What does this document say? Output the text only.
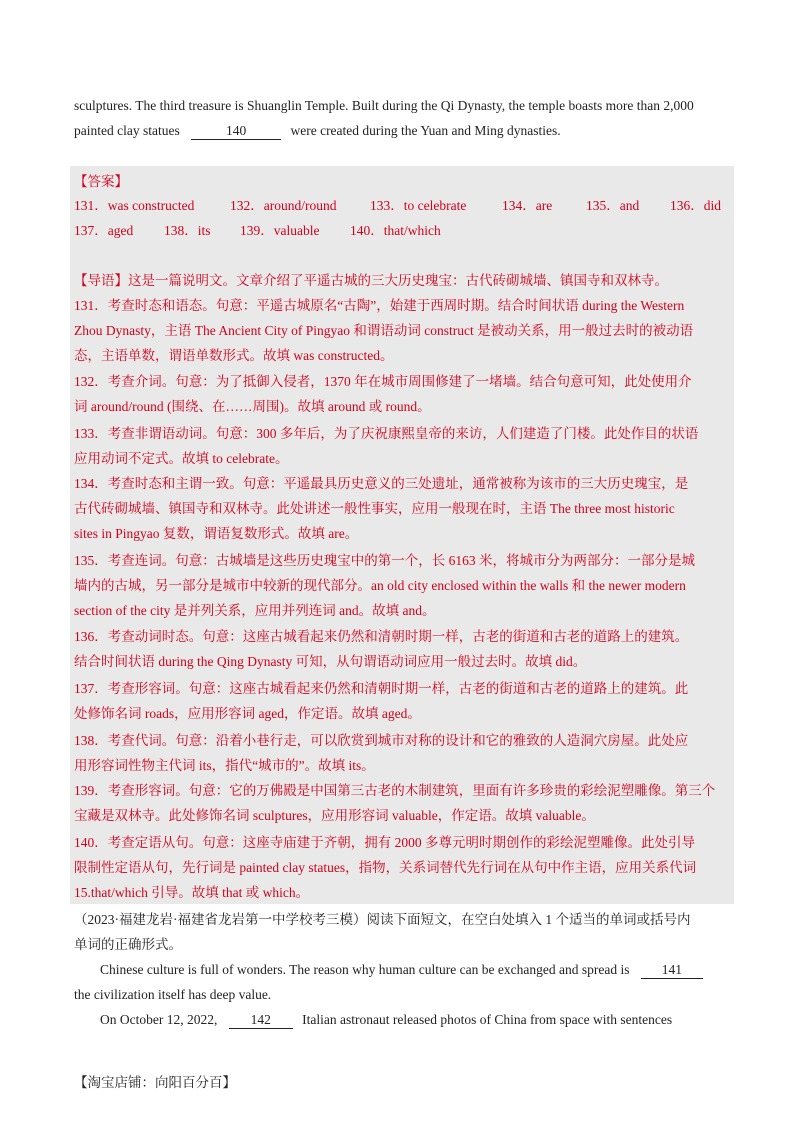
sculptures. The third treasure is Shuanglin Temple. Built during the Qi Dynasty, the temple boasts more than 2,000
painted clay statues	140	were created during the Yuan and Ming dynasties.
【答案】
131．was constructed	132．around/round 133．to celebrate	134．are	135．and 136．did
137．aged 138．its 139．valuable 140．that/which
【导语】这是一篇说明文。文章介绍了平遥古城的三大历史瑰宝：古代砖砌城墙、镇国寺和双林寺。
131．考查时态和语态。句意：平遥古城原名“古陶”，始建于西周时期。结合时间状语 during the Western
Zhou Dynasty，主语 The Ancient City of Pingyao 和谓语动词 construct 是被动关系，用一般过去时的被动语
态，主语单数，谓语单数形式。故填 was constructed。
132．考查介词。句意：为了抵御入侵者，1370 年在城市周围修建了一堵墙。结合句意可知，此处使用介
词 around/round (围绕、在……周围)。故填 around 或 round。
133．考查非谓语动词。句意：300 多年后，为了庆祝康熙皇帝的来访，人们建造了门楼。此处作目的状语
应用动词不定式。故填 to celebrate。
134．考查时态和主谓一致。句意：平遥最具历史意义的三处遗址，通常被称为该市的三大历史瑰宝，是
古代砖砌城墙、镇国寺和双林寺。此处讲述一般性事实，应用一般现在时，主语 The three most historic
sites in Pingyao 复数，谓语复数形式。故填 are。
135．考查连词。句意：古城墙是这些历史瑰宝中的第一个，长 6163 米，将城市分为两部分：一部分是城
墙内的古城，另一部分是城市中较新的现代部分。an old city enclosed within the walls 和 the newer modern
section of the city 是并列关系，应用并列连词 and。故填 and。
136．考查动词时态。句意：这座古城看起来仍然和清朝时期一样，古老的街道和古老的道路上的建筑。
结合时间状语 during the Qing Dynasty 可知，从句谓语动词应用一般过去时。故填 did。
137．考查形容词。句意：这座古城看起来仍然和清朝时期一样，古老的街道和古老的道路上的建筑。此
处修饰名词 roads，应用形容词 aged，作定语。故填 aged。
138．考查代词。句意：沿着小巷行走，可以欣赏到城市对称的设计和它的雅致的人造洞穴房屋。此处应
用形容词性物主代词 its，指代“城市的”。故填 its。
139．考查形容词。句意：它的万佛殿是中国第三古老的木制建筑，里面有许多珍贵的彩绘泥塑雕像。第三个
宝藏是双林寺。此处修饰名词 sculptures，应用形容词 valuable，作定语。故填 valuable。
140．考查定语从句。句意：这座寺庙建于齐朝，拥有 2000 多尊元明时期创作的彩绘泥塑雕像。此处引导
限制性定语从句，先行词是 painted clay statues，指物，关系词替代先行词在从句中作主语，应用关系代词
15.that/which 引导。故填 that 或 which。
（2023·福建龙岩·福建省龙岩第一中学校考三模）阅读下面短文，在空白处填入 1 个适当的单词或括号内
单词的正确形式。
Chinese culture is full of wonders. The reason why human culture can be exchanged and spread is 141
the civilization itself has deep value.
On October 12, 2022, 142 Italian astronaut released photos of China from space with sentences
【淘宝店铺：向阳百分百】
